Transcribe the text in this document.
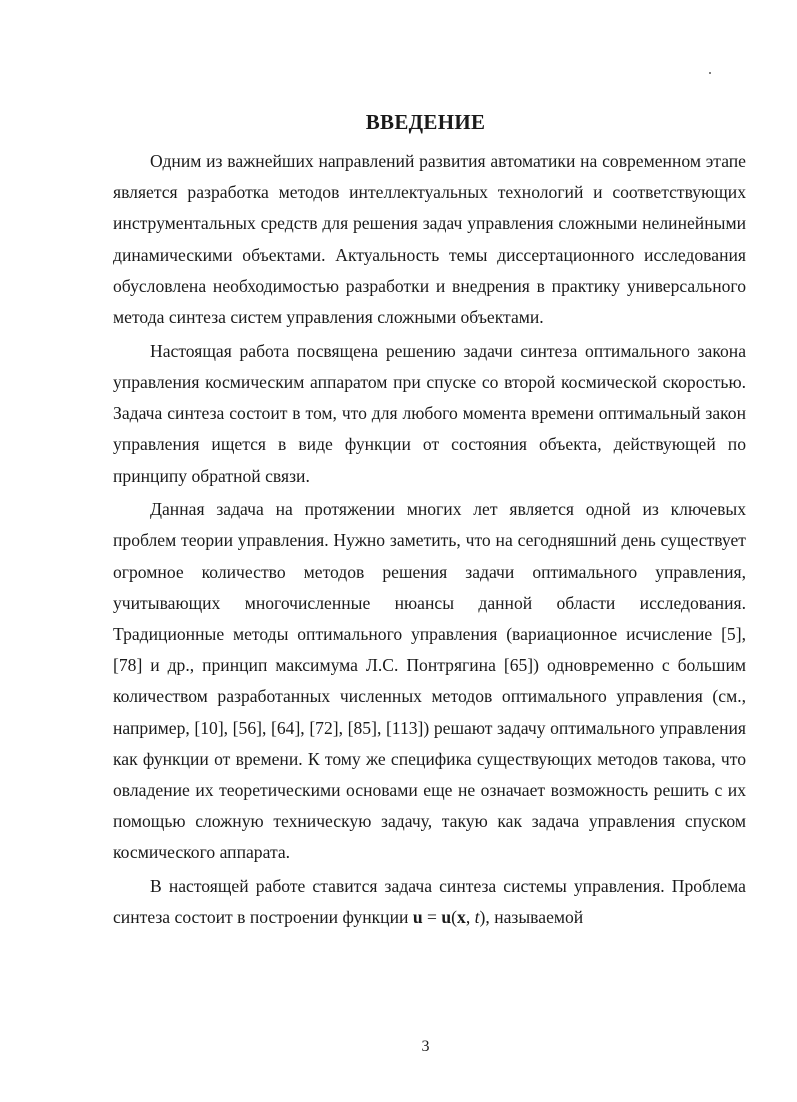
ВВЕДЕНИЕ

Одним из важнейших направлений развития автоматики на современном этапе является разработка методов интеллектуальных технологий и соответствующих инструментальных средств для решения задач управления сложными нелинейными динамическими объектами. Актуальность темы диссертационного исследования обусловлена необходимостью разработки и внедрения в практику универсального метода синтеза систем управления сложными объектами.

Настоящая работа посвящена решению задачи синтеза оптимального закона управления космическим аппаратом при спуске со второй космической скоростью. Задача синтеза состоит в том, что для любого момента времени оптимальный закон управления ищется в виде функции от состояния объекта, действующей по принципу обратной связи.

Данная задача на протяжении многих лет является одной из ключевых проблем теории управления. Нужно заметить, что на сегодняшний день существует огромное количество методов решения задачи оптимального управления, учитывающих многочисленные нюансы данной области исследования. Традиционные методы оптимального управления (вариационное исчисление [5], [78] и др., принцип максимума Л.С. Понтрягина [65]) одновременно с большим количеством разработанных численных методов оптимального управления (см., например, [10], [56], [64], [72], [85], [113]) решают задачу оптимального управления как функции от времени. К тому же специфика существующих методов такова, что овладение их теоретическими основами еще не означает возможность решить с их помощью сложную техническую задачу, такую как задача управления спуском космического аппарата.

В настоящей работе ставится задача синтеза системы управления. Проблема синтеза состоит в построении функции u = u(x, t), называемой

3
